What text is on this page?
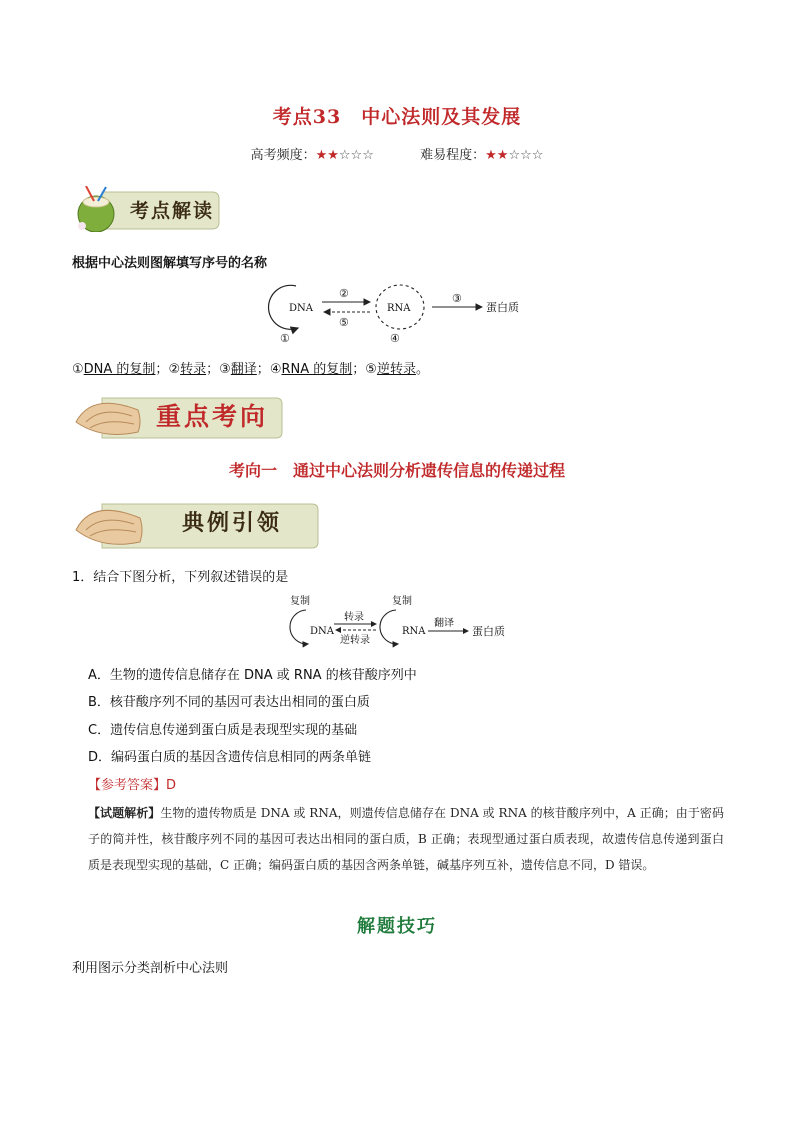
考点33　中心法则及其发展
高考频度：★★☆☆☆	难易程度：★★☆☆☆
考点解读
根据中心法则图解填写序号的名称
DNA	RNA	蛋白质
②
⑤
③
①	④
①DNA 的复制；②转录；③翻译；④RNA 的复制；⑤逆转录。
重点考向
考向一　通过中心法则分析遗传信息的传递过程
典例引领
1．结合下图分析，下列叙述错误的是
复制	复制
转录
逆转录
翻译
DNA	RNA	蛋白质
A．生物的遗传信息储存在 DNA 或 RNA 的核苷酸序列中
B．核苷酸序列不同的基因可表达出相同的蛋白质
C．遗传信息传递到蛋白质是表现型实现的基础
D．编码蛋白质的基因含遗传信息相同的两条单链
【参考答案】D
【试题解析】生物的遗传物质是 DNA 或 RNA，则遗传信息储存在 DNA 或 RNA 的核苷酸序列中，A 正确；由于密码子的简并性，核苷酸序列不同的基因可表达出相同的蛋白质，B 正确；表现型通过蛋白质表现，故遗传信息传递到蛋白质是表现型实现的基础，C 正确；编码蛋白质的基因含两条单链，碱基序列互补，遗传信息不同，D 错误。
解题技巧
利用图示分类剖析中心法则
